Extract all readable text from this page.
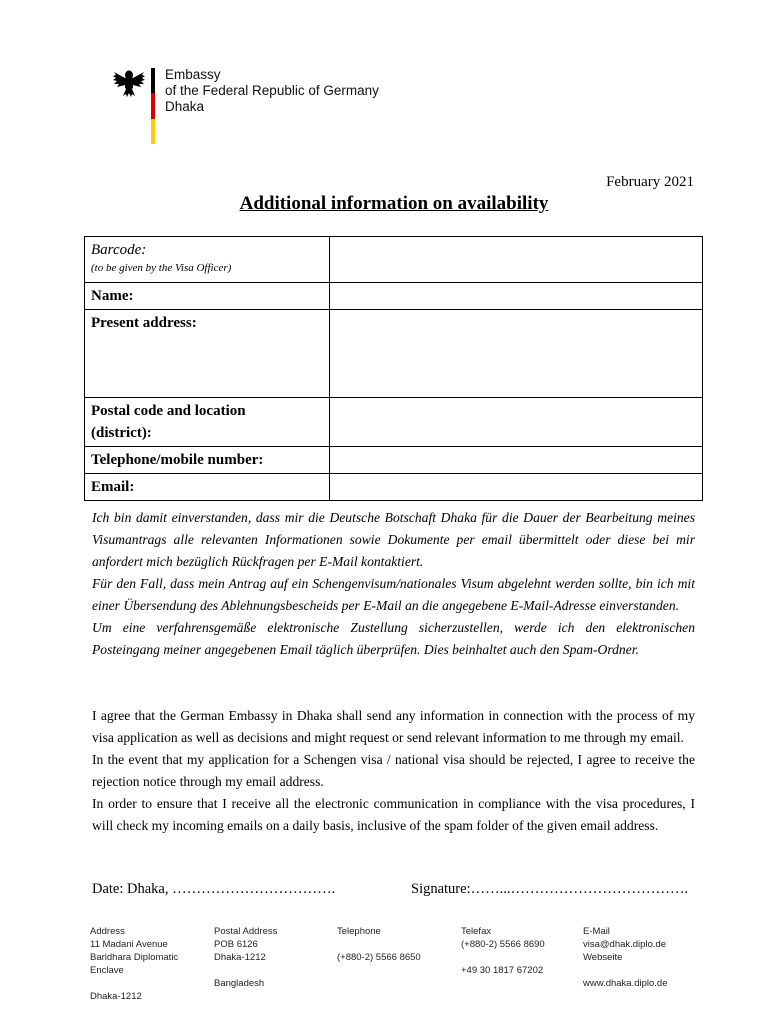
Embassy
of the Federal Republic of Germany
Dhaka
February 2021
Additional information on availability
Barcode:
(to be given by the Visa Officer)	

Name:	
Present address:	

Postal code and location
(district):	

Telephone/mobile number:	
Email:	

Ich bin damit einverstanden, dass mir die Deutsche Botschaft Dhaka für die Dauer der Bearbeitung meines Visumantrags alle relevanten Informationen sowie Dokumente per email übermittelt oder diese bei mir anfordert mich bezüglich Rückfragen per E-Mail kontaktiert.

Für den Fall, dass mein Antrag auf ein Schengenvisum/nationales Visum abgelehnt werden sollte, bin ich mit einer Übersendung des Ablehnungsbescheids per E-Mail an die angegebene E-Mail-Adresse einverstanden.

Um eine verfahrensgemäße elektronische Zustellung sicherzustellen, werde ich den elektronischen Posteingang meiner angegebenen Email täglich überprüfen. Dies beinhaltet auch den Spam-Ordner.

I agree that the German Embassy in Dhaka shall send any information in connection with the process of my visa application as well as decisions and might request or send relevant information to me through my email.

In the event that my application for a Schengen visa / national visa should be rejected, I agree to receive the rejection notice through my email address.

In order to ensure that I receive all the electronic communication in compliance with the visa procedures, I will check my incoming emails on a daily basis, inclusive of the spam folder of the given email address.

Date: Dhaka, …………………………….	Signature:……...……………………………….
Address
11 Madani Avenue
Baridhara Diplomatic
Enclave
Dhaka-1212
Postal Address
POB 6126
Dhaka-1212
Bangladesh
Telephone
(+880-2) 5566 8650
Telefax
(+880-2) 5566 8690
+49 30 1817 67202
E-Mail
visa@dhak.diplo.de
Webseite
www.dhaka.diplo.de
